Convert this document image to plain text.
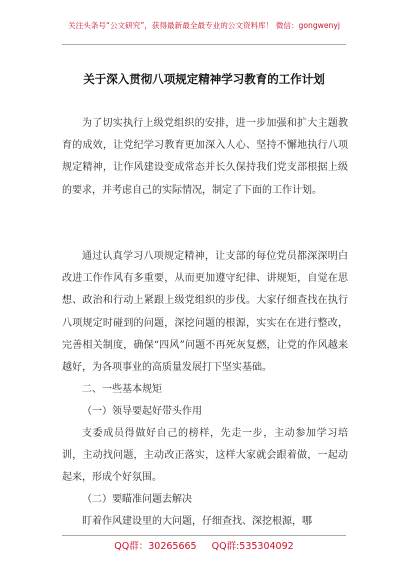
关注头条号“公文研究”，获得最新最全最专业的公文资料库！ 微信：gongwenyj
关于深入贯彻八项规定精神学习教育的工作计划

为了切实执行上级党组织的安排，进一步加强和扩大主题教育的成效，让党纪学习教育更加深入人心、坚持不懈地执行八项规定精神，让作风建设变成常态并长久保持我们党支部根据上级的要求，并考虑自己的实际情况，制定了下面的工作计划。

通过认真学习八项规定精神，让支部的每位党员都深深明白改进工作作风有多重要，从而更加遵守纪律、讲规矩，自觉在思想、政治和行动上紧跟上级党组织的步伐。大家仔细查找在执行八项规定时碰到的问题，深挖问题的根源，实实在在进行整改，完善相关制度，确保“四风”问题不再死灰复燃，让党的作风越来越好，为各项事业的高质量发展打下坚实基础。

二、一些基本规矩

（一）领导要起好带头作用

支委成员得做好自己的榜样，先走一步，主动参加学习培训，主动找问题，主动改正落实，这样大家就会跟着做，一起动起来，形成个好氛围。

（二）要瞄准问题去解决

盯着作风建设里的大问题，仔细查找、深挖根源，哪

QQ群：30265665 QQ群:535304092
